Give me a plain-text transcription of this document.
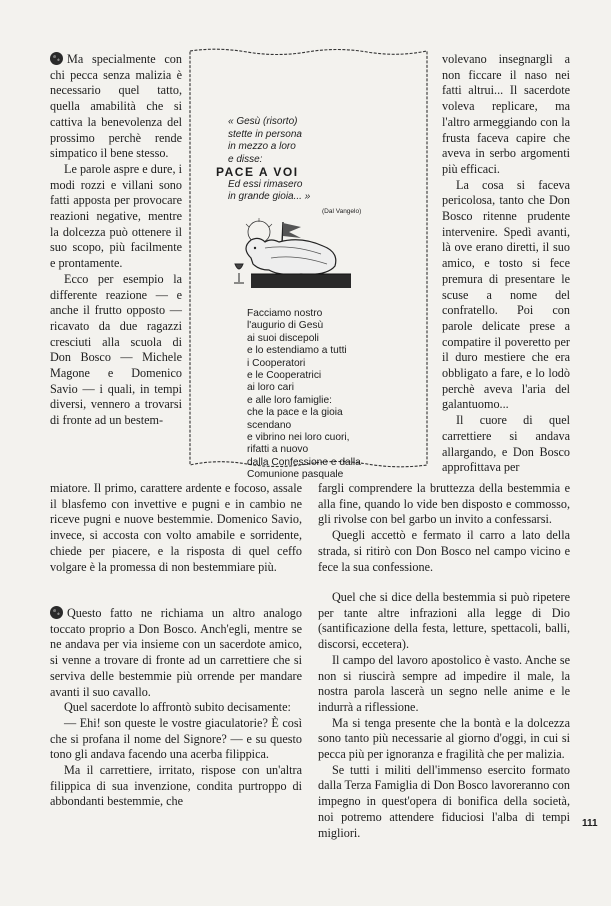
Ma specialmente con chi pecca senza malizia è necessario quel tatto, quella amabilità che si cattiva la benevolenza del prossimo perchè rende simpatico il bene stesso.

Le parole aspre e dure, i modi rozzi e villani sono fatti apposta per provocare reazioni negative, mentre la dolcezza può ottenere il suo scopo, più facilmente e prontamente.

Ecco per esempio la differente reazione — e anche il frutto opposto — ricavato da due ragazzi cresciuti alla scuola di Don Bosco — Michele Magone e Domenico Savio — i quali, in tempi diversi, vennero a trovarsi di fronte ad un bestem-

miatore. Il primo, carattere ardente e focoso, assale il blasfemo con invettive e pugni e in cambio ne riceve pugni e nuove bestemmie. Domenico Savio, invece, si accosta con volto amabile e sorridente, chiede per piacere, e la risposta di quel ceffo volgare è la promessa di non bestemmiare più.

Questo fatto ne richiama un altro analogo toccato proprio a Don Bosco. Anch'egli, mentre se ne andava per via insieme con un sacerdote amico, si venne a trovare di fronte ad un carrettiere che si serviva delle bestemmie più orrende per mandare avanti il suo cavallo.

Quel sacerdote lo affrontò subito decisamente:

— Ehi! son queste le vostre giaculatorie? È così che si profana il nome del Signore? — e su questo tono gli andava facendo una acerba filippica.

Ma il carrettiere, irritato, rispose con un'altra filippica di sua invenzione, condita purtroppo di abbondanti bestemmie, che

volevano insegnargli a non ficcare il naso nei fatti altrui... Il sacerdote voleva replicare, ma l'altro armeggiando con la frusta faceva capire che aveva in serbo argomenti più efficaci.

La cosa si faceva pericolosa, tanto che Don Bosco ritenne prudente intervenire. Spedì avanti, là ove erano diretti, il suo amico, e tosto si fece premura di presentare le scuse a nome del confratello. Poi con parole delicate prese a compatire il poveretto per il duro mestiere che era obbligato a fare, e lo lodò perchè aveva l'aria del galantuomo...

Il cuore di quel carrettiere si andava allargando, e Don Bosco approfittava per

fargli comprendere la bruttezza della bestemmia e alla fine, quando lo vide ben disposto e commosso, gli rivolse con bel garbo un invito a confessarsi.

Quegli accettò e fermato il carro a lato della strada, si ritirò con Don Bosco nel campo vicino e fece la sua confessione.

Quel che si dice della bestemmia si può ripetere per tante altre infrazioni alla legge di Dio (santificazione della festa, letture, spettacoli, balli, discorsi, eccetera).

Il campo del lavoro apostolico è vasto. Anche se non si riuscirà sempre ad impedire il male, la nostra parola lascerà un segno nelle anime e le indurrà a riflessione.

Ma si tenga presente che la bontà e la dolcezza sono tanto più necessarie al giorno d'oggi, in cui si pecca più per ignoranza e fragilità che per malizia.

Se tutti i militi dell'immenso esercito formato dalla Terza Famiglia di Don Bosco lavoreranno con impegno in quest'opera di bonifica della società, noi potremo attendere fiduciosi l'alba di tempi migliori.

« Gesù (risorto)
stette in persona
in mezzo a loro
e disse:
PACE A VOI
Ed essi rimasero
in grande gioia... »
(Dal Vangelo)
Facciamo nostro
l'augurio di Gesù
ai suoi discepoli
e lo estendiamo a tutti
i Cooperatori
e le Cooperatrici
ai loro cari
e alle loro famiglie:
che la pace e la gioia
scendano
e vibrino nei loro cuori,
rifatti a nuovo
dalla Confessione e dalla
Comunione pasquale
111
